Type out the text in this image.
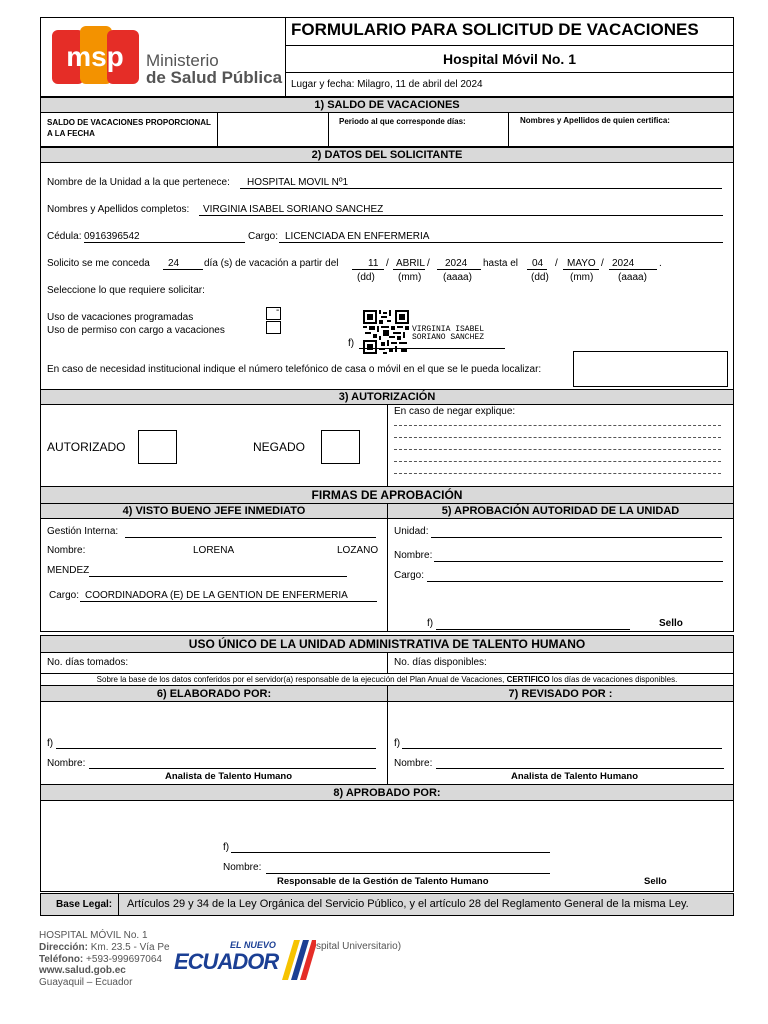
msp Ministerio
de Salud Pública
FORMULARIO PARA SOLICITUD DE VACACIONES
Hospital Móvil No. 1
Lugar y fecha: Milagro, 11 de abril del 2024
1) SALDO DE VACACIONES
SALDO DE VACACIONES PROPORCIONAL A LA FECHA
Periodo al que corresponde días:	Nombres y Apellidos de quien certifica:
2) DATOS DEL SOLICITANTE
Nombre de la Unidad a la que pertenece: HOSPITAL MOVIL Nº1
Nombres y Apellidos completos: VIRGINIA ISABEL SORIANO SANCHEZ
Cédula: 0916396542	Cargo: LICENCIADA EN ENFERMERIA
Solicito se me conceda 24 día (s) de vacación a partir del	11 / ABRIL / 2024 hasta el 04 / MAYO / 2024 .
(dd) (mm) (aaaa)	(dd) (mm) (aaaa)
Seleccione lo que requiere solicitar:
Uso de vacaciones programadas
Uso de permiso con cargo a vacaciones
-
VIRGINIA ISABEL
SORIANO SANCHEZ
f)
En caso de necesidad institucional indique el número telefónico de casa o móvil en el que se le pueda localizar:
3) AUTORIZACIÓN
AUTORIZADO	NEGADO
En caso de negar explique:
FIRMAS DE APROBACIÓN
4) VISTO BUENO JEFE INMEDIATO	5) APROBACIÓN AUTORIDAD DE LA UNIDAD
Gestión Interna:
Nombre:	LORENA	LOZANO
MENDEZ
Cargo: COORDINADORA (E) DE LA GENTION DE ENFERMERIA
Unidad:
Nombre:
Cargo:
f)	Sello
USO ÚNICO DE LA UNIDAD ADMINISTRATIVA DE TALENTO HUMANO
No. días tomados:	No. días disponibles:
Sobre la base de los datos conferidos por el servidor(a) responsable de la ejecución del Plan Anual de Vacaciones, CERTIFICO los días de vacaciones disponibles.
6) ELABORADO POR:	7) REVISADO POR :
f)
Nombre:
Analista de Talento Humano
f)
Nombre:
Analista de Talento Humano
8) APROBADO POR:
f)
Nombre:
Responsable de la Gestión de Talento Humano	Sello
Base Legal: Artículos 29 y 34 de la Ley Orgánica del Servicio Público, y el artículo 28 del Reglamento General de la misma Ley.
HOSPITAL MÓVIL No. 1
Dirección: Km. 23.5 - Vía Pe
Teléfono: +593-999697064
www.salud.gob.ec
Guayaquil – Ecuador
spital Universitario)
EL NUEVO
ECUADOR
